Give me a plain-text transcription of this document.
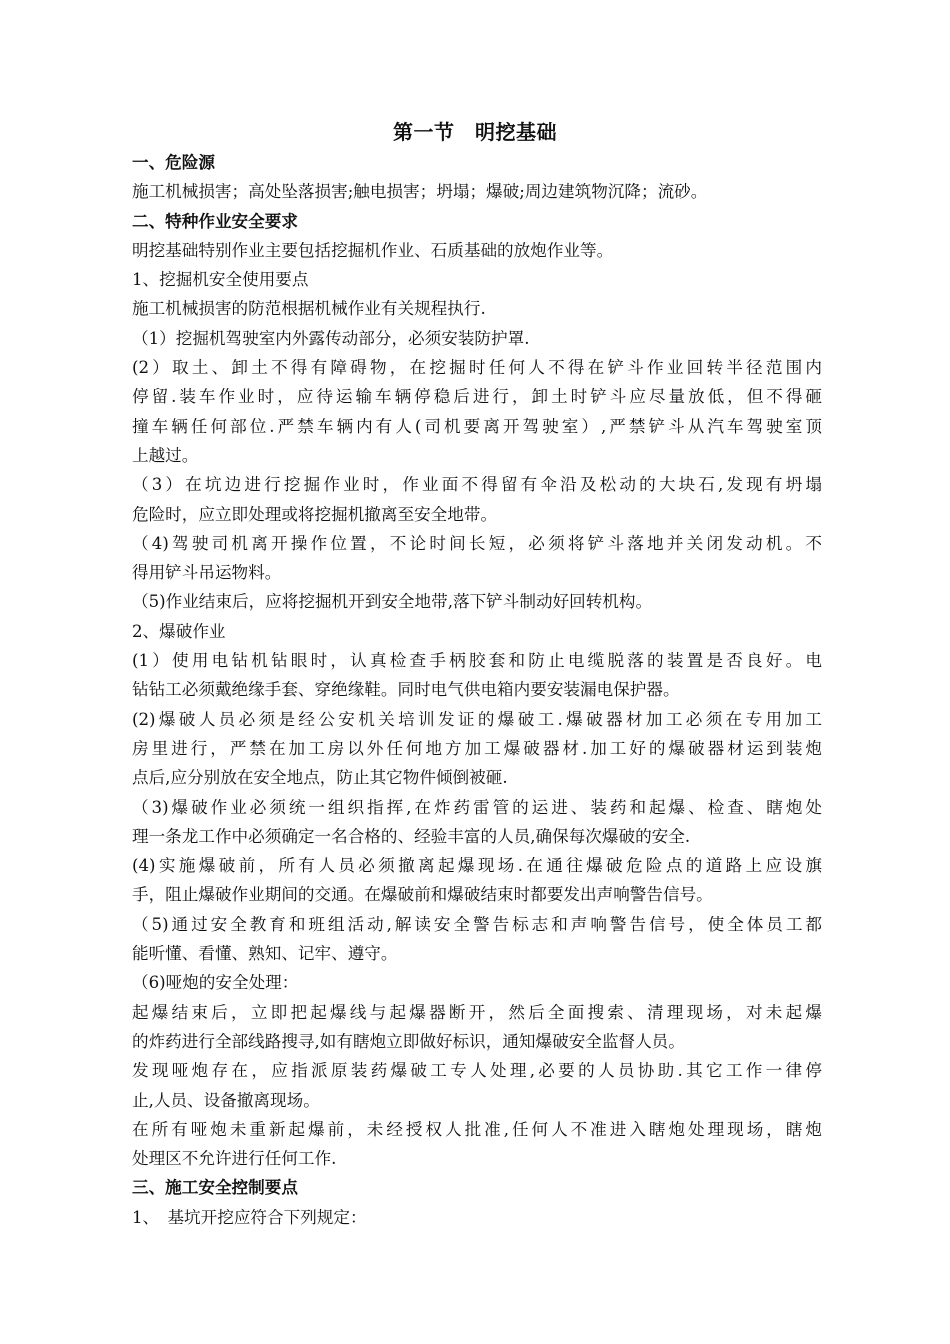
第一节　明挖基础
一、危险源
施工机械损害；高处坠落损害;触电损害；坍塌；爆破;周边建筑物沉降；流砂。
二、特种作业安全要求
明挖基础特别作业主要包括挖掘机作业、石质基础的放炮作业等。
1、挖掘机安全使用要点
施工机械损害的防范根据机械作业有关规程执行.
（1）挖掘机驾驶室内外露传动部分，必须安装防护罩.
(2）取土、卸土不得有障碍物，在挖掘时任何人不得在铲斗作业回转半径范围内
停留.装车作业时，应待运输车辆停稳后进行，卸土时铲斗应尽量放低，但不得砸
撞车辆任何部位.严禁车辆内有人(司机要离开驾驶室）,严禁铲斗从汽车驾驶室顶
上越过。
（3）在坑边进行挖掘作业时，作业面不得留有伞沿及松动的大块石,发现有坍塌
危险时，应立即处理或将挖掘机撤离至安全地带。
（4)驾驶司机离开操作位置，不论时间长短，必须将铲斗落地并关闭发动机。不
得用铲斗吊运物料。
（5)作业结束后，应将挖掘机开到安全地带,落下铲斗制动好回转机构。
2、爆破作业
(1）使用电钻机钻眼时，认真检查手柄胶套和防止电缆脱落的装置是否良好。电
钻钻工必须戴绝缘手套、穿绝缘鞋。同时电气供电箱内要安装漏电保护器。
(2)爆破人员必须是经公安机关培训发证的爆破工.爆破器材加工必须在专用加工
房里进行，严禁在加工房以外任何地方加工爆破器材.加工好的爆破器材运到装炮
点后,应分别放在安全地点，防止其它物件倾倒被砸.
（3)爆破作业必须统一组织指挥,在炸药雷管的运进、装药和起爆、检查、瞎炮处
理一条龙工作中必须确定一名合格的、经验丰富的人员,确保每次爆破的安全.
(4)实施爆破前，所有人员必须撤离起爆现场.在通往爆破危险点的道路上应设旗
手，阻止爆破作业期间的交通。在爆破前和爆破结束时都要发出声响警告信号。
（5)通过安全教育和班组活动,解读安全警告标志和声响警告信号，使全体员工都
能听懂、看懂、熟知、记牢、遵守。
（6)哑炮的安全处理：
起爆结束后，立即把起爆线与起爆器断开，然后全面搜索、清理现场，对未起爆
的炸药进行全部线路搜寻,如有瞎炮立即做好标识，通知爆破安全监督人员。
发现哑炮存在，应指派原装药爆破工专人处理,必要的人员协助.其它工作一律停
止,人员、设备撤离现场。
在所有哑炮未重新起爆前，未经授权人批准,任何人不准进入瞎炮处理现场，瞎炮
处理区不允许进行任何工作.
三、施工安全控制要点
1、　基坑开挖应符合下列规定：
